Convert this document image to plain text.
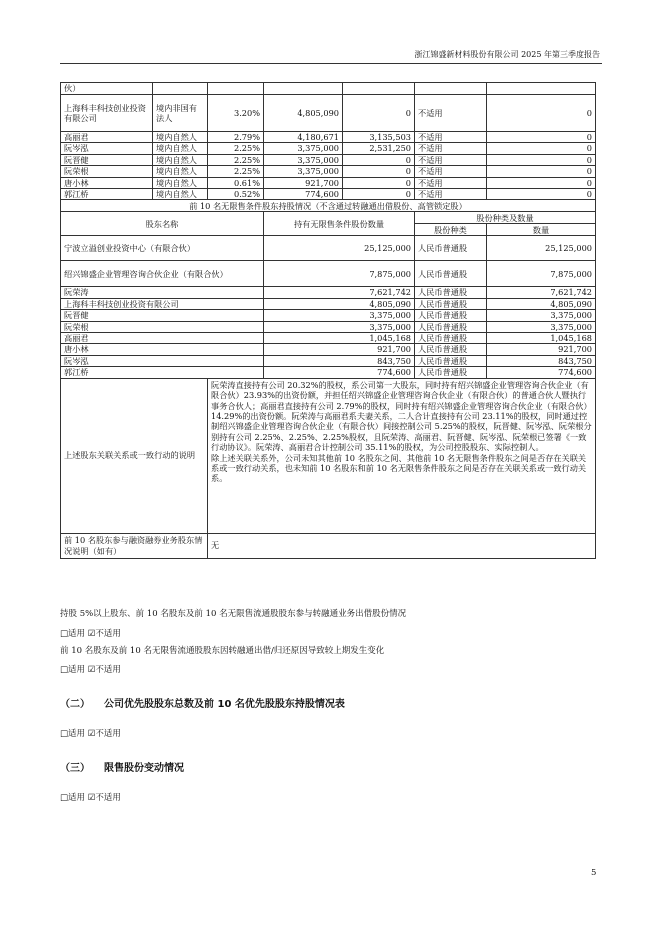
浙江锦盛新材料股份有限公司 2025 年第三季度报告
伙）						
上海科丰科技创业投资有限公司	境内非国有法人	3.20%	4,805,090	0	不适用	0
高丽君	境内自然人	2.79%	4,180,671	3,135,503	不适用	0
阮岑泓	境内自然人	2.25%	3,375,000	2,531,250	不适用	0
阮晋健	境内自然人	2.25%	3,375,000	0	不适用	0
阮荣根	境内自然人	2.25%	3,375,000	0	不适用	0
唐小林	境内自然人	0.61%	921,700	0	不适用	0
郭江桥	境内自然人	0.52%	774,600	0	不适用	0
前 10 名无限售条件股东持股情况（不含通过转融通出借股份、高管锁定股）						
股东名称			持有无限售条件股份数量		股份种类及数量	
					股份种类	数量
宁波立溢创业投资中心（有限合伙）			25,125,000		人民币普通股	25,125,000
绍兴锦盛企业管理咨询合伙企业（有限合伙）			7,875,000		人民币普通股	7,875,000
阮荣涛			7,621,742		人民币普通股	7,621,742
上海科丰科技创业投资有限公司			4,805,090		人民币普通股	4,805,090
阮晋健			3,375,000		人民币普通股	3,375,000
阮荣根			3,375,000		人民币普通股	3,375,000
高丽君			1,045,168		人民币普通股	1,045,168
唐小林			921,700		人民币普通股	921,700
阮岑泓			843,750		人民币普通股	843,750
郭江桥			774,600		人民币普通股	774,600
上述股东关联关系或一致行动的说明		阮荣涛直接持有公司 20.32%的股权，系公司第一大股东，同时持有绍兴锦盛企业管理咨询合伙企业（有限合伙）23.93%的出资份额，并担任绍兴锦盛企业管理咨询合伙企业（有限合伙）的普通合伙人暨执行事务合伙人；高丽君直接持有公司 2.79%的股权，同时持有绍兴锦盛企业管理咨询合伙企业（有限合伙）14.29%的出资份额。阮荣涛与高丽君系夫妻关系，二人合计直接持有公司 23.11%的股权，同时通过控制绍兴锦盛企业管理咨询合伙企业（有限合伙）间接控制公司 5.25%的股权，阮晋健、阮岑泓、阮荣根分别持有公司 2.25%、2.25%、2.25%股权，且阮荣涛、高丽君、阮晋健、阮岑泓、阮荣根已签署《一致行动协议》。阮荣涛、高丽君合计控制公司 35.11%的股权，为公司控股股东、实际控制人。
除上述关联关系外，公司未知其他前 10 名股东之间、其他前 10 名无限售条件股东之间是否存在关联关系或一致行动关系，也未知前 10 名股东和前 10 名无限售条件股东之间是否存在关联关系或一致行动关系。				

前 10 名股东参与融资融券业务股东情况说明（如有）		无				
持股 5%以上股东、前 10 名股东及前 10 名无限售流通股股东参与转融通业务出借股份情况
□适用 ☑不适用
前 10 名股东及前 10 名无限售流通股股东因转融通出借/归还原因导致较上期发生变化
□适用 ☑不适用
（二） 公司优先股股东总数及前 10 名优先股股东持股情况表
□适用 ☑不适用
（三） 限售股份变动情况
□适用 ☑不适用
5
